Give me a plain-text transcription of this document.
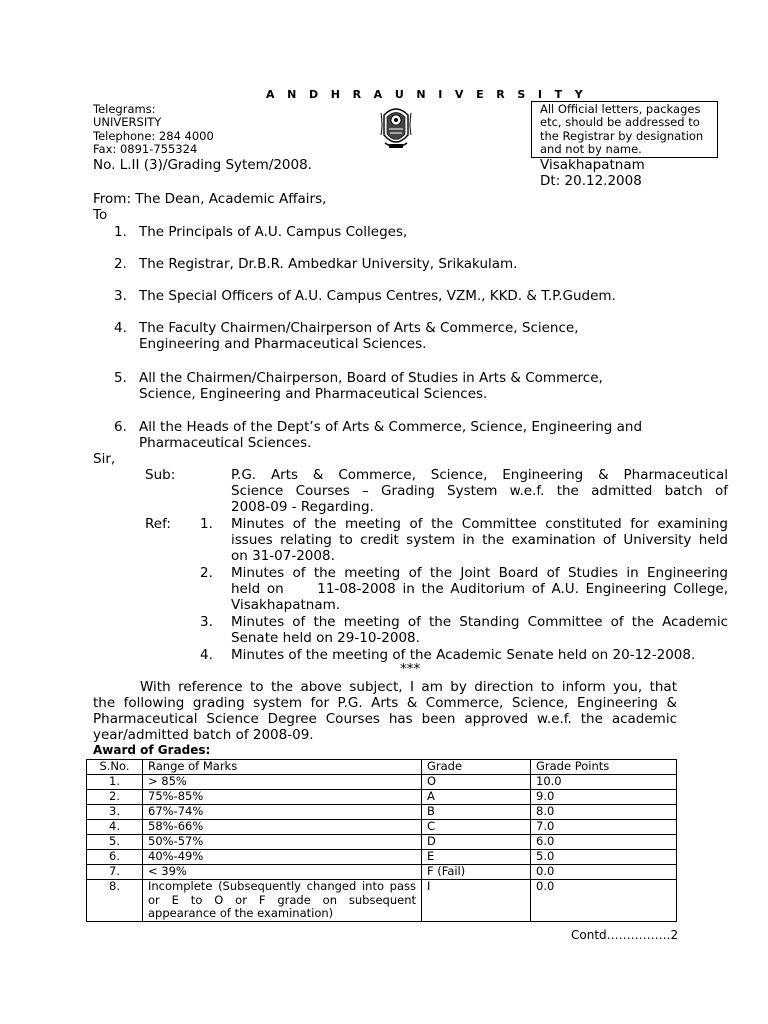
A N D H R A U N I V E R S I T Y
Telegrams:
UNIVERSITY
Telephone: 284 4000
Fax: 0891-755324
All Official letters, packages
etc, should be addressed to
the Registrar by designation
and not by name.
No. L.II (3)/Grading Sytem/2008.	Visakhapatnam
Dt: 20.12.2008
From: The Dean, Academic Affairs,
To
1. The Principals of A.U. Campus Colleges,
2. The Registrar, Dr.B.R. Ambedkar University, Srikakulam.
3. The Special Officers of A.U. Campus Centres, VZM., KKD. & T.P.Gudem.
4. The Faculty Chairmen/Chairperson of Arts & Commerce, Science,
Engineering and Pharmaceutical Sciences.
5. All the Chairmen/Chairperson, Board of Studies in Arts & Commerce,
Science, Engineering and Pharmaceutical Sciences.
6. All the Heads of the Dept’s of Arts & Commerce, Science, Engineering and
Pharmaceutical Sciences.
Sir,
Sub:	P.G. Arts & Commerce, Science, Engineering & Pharmaceutical
Science Courses – Grading System w.e.f. the admitted batch of
2008-09 - Regarding.
Ref: 1. Minutes of the meeting of the Committee constituted for examining
issues relating to credit system in the examination of University held
on 31-07-2008.
2. Minutes of the meeting of the Joint Board of Studies in Engineering
held on     11-08-2008 in the Auditorium of A.U. Engineering College,
Visakhapatnam.
3. Minutes of the meeting of the Standing Committee of the Academic
Senate held on 29-10-2008.
4. Minutes of the meeting of the Academic Senate held on 20-12-2008.
***
With reference to the above subject, I am by direction to inform you, that
the following grading system for P.G. Arts & Commerce, Science, Engineering &
Pharmaceutical Science Degree Courses has been approved w.e.f. the academic
year/admitted batch of 2008-09.
Award of Grades:
S.No.	Range of Marks	Grade	Grade Points
1.	> 85%	O	10.0
2.	75%-85%	A	9.0
3.	67%-74%	B	8.0
4.	58%-66%	C	7.0
5.	50%-57%	D	6.0
6.	40%-49%	E	5.0
7.	< 39%	F (Fail)	0.0
8.	Incomplete (Subsequently changed into pass or E to O or F grade on subsequent appearance of the examination)	I	0.0
Contd…………….2
